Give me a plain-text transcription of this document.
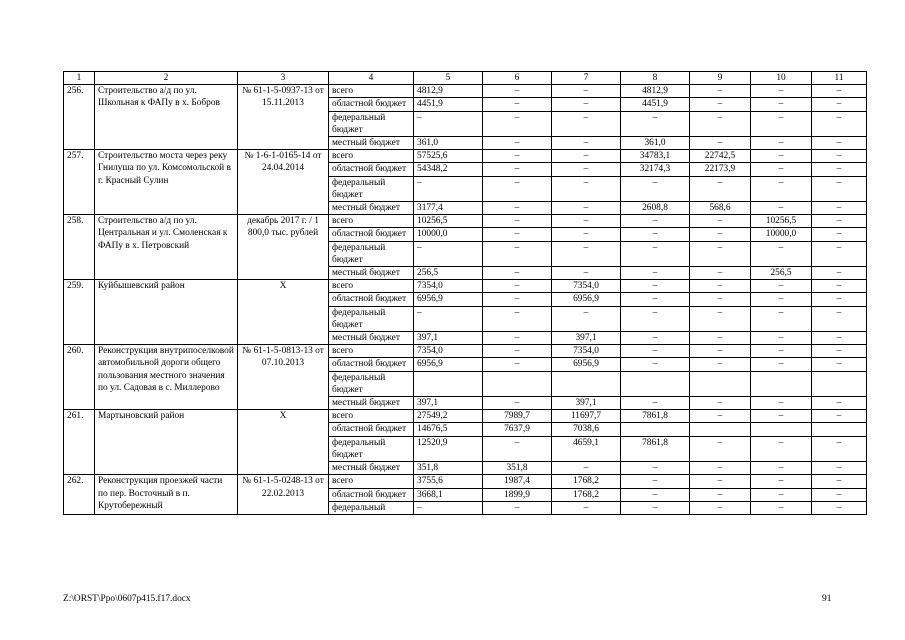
1	2	3	4	5	6	7	8	9	10	11
256.	Строительство а/д по ул. Школьная к ФАПу в х. Бобров	№ 61-1-5-0937-13 от 15.11.2013	всего	4812,9	–	–	4812,9	–	–	–
			областной бюджет	4451,9	–	–	4451,9	–	–	–
			федеральный бюджет	–	–	–	–	–	–	–
			местный бюджет	361,0	–	–	361,0	–	–	–
257.	Строительство моста через реку Гнилуша по ул. Комсомольской в г. Красный Сулин	№ 1-6-1-0165-14 от 24.04.2014	всего	57525,6	–	–	34783,1	22742,5	–	–
			областной бюджет	54348,2	–	–	32174,3	22173,9	–	–
			федеральный бюджет	–	–	–	–	–	–	–
			местный бюджет	3177,4	–	–	2608,8	568,6	–	–
258.	Строительство а/д по ул. Центральная и ул. Смоленская к ФАПу в х. Петровский	декабрь 2017 г. / 1 800,0 тыс. рублей	всего	10256,5	–	–	–	–	10256,5	–
			областной бюджет	10000,0	–	–	–	–	10000,0	–
			федеральный бюджет	–	–	–	–	–	–	–
			местный бюджет	256,5	–	–	–	–	256,5	–
259.	Куйбышевский район	X	всего	7354,0	–	7354,0	–	–	–	–
			областной бюджет	6956,9	–	6956,9	–	–	–	–
			федеральный бюджет	–	–	–	–	–	–	–
			местный бюджет	397,1	–	397,1	–	–	–	–
260.	Реконструкция внутрипоселковой автомобильной дороги общего пользования местного значения по ул. Садовая в с. Миллерово	№ 61-1-5-0813-13 от 07.10.2013	всего	7354,0	–	7354,0	–	–	–	–
			областной бюджет	6956,9	–	6956,9	–	–	–	–
			федеральный бюджет							
			местный бюджет	397,1	–	397,1	–	–	–	–
261.	Мартыновский район	X	всего	27549,2	7989,7	11697,7	7861,8	–	–	–
			областной бюджет	14676,5	7637,9	7038,6				
			федеральный бюджет	12520,9	–	4659,1	7861,8	–	–	–
			местный бюджет	351,8	351,8	–	–	–	–	–
262.	Реконструкция проезжей части по пер. Восточный в п. Крутобережный	№ 61-1-5-0248-13 от 22.02.2013	всего	3755,6	1987,4	1768,2	–	–	–	–
			областной бюджет	3668,1	1899,9	1768,2	–	–	–	–
			федеральный	–	–	–	–	–	–	–
Z:\ORST\Ppo\0607p415.f17.docx	91
